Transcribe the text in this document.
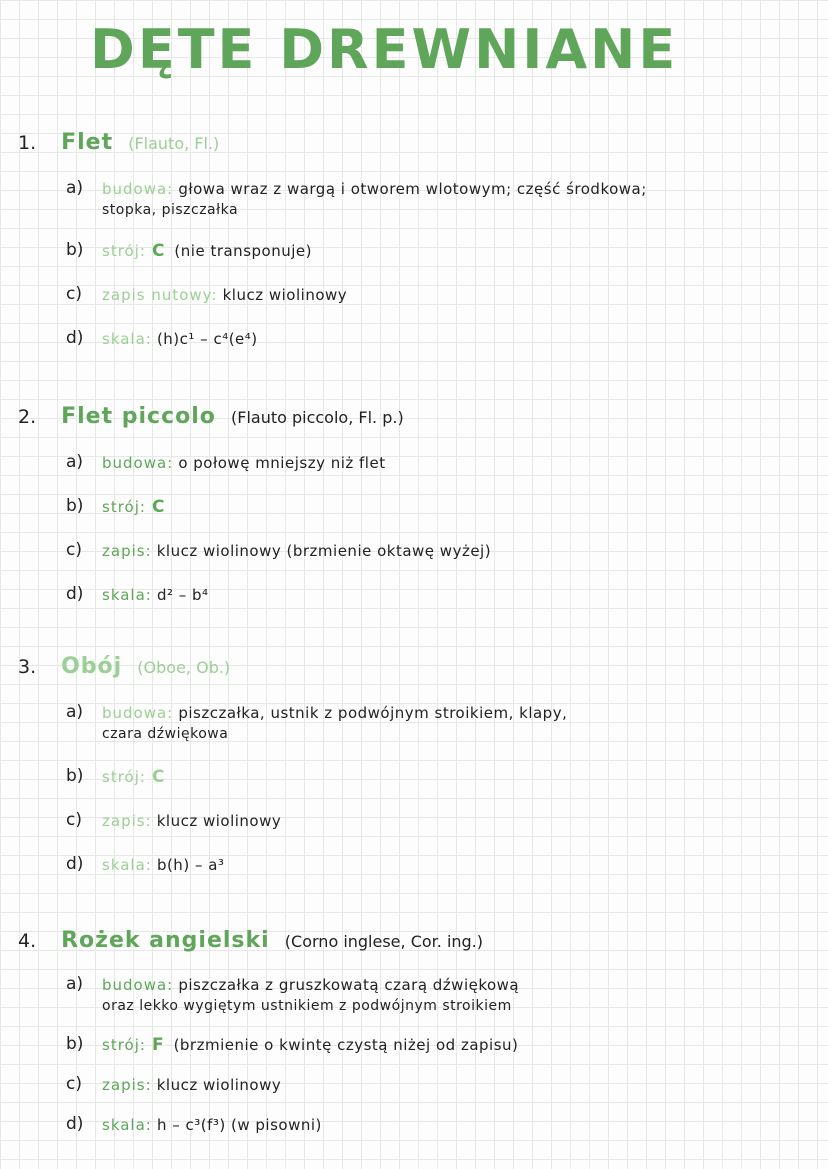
DĘTE DREWNIANE
1. Flet (Flauto, Fl.)
a) budowa: głowa wraz z wargą i otworem wlotowym; część środkowa;
stopka, piszczałka
b) strój: C (nie transponuje)
c) zapis nutowy: klucz wiolinowy
d) skala: (h)c¹ – c⁴(e⁴)
2. Flet piccolo (Flauto piccolo, Fl. p.)
a) budowa: o połowę mniejszy niż flet
b) strój: C
c) zapis: klucz wiolinowy (brzmienie oktawę wyżej)
d) skala: d² – b⁴
3. Obój (Oboe, Ob.)
a) budowa: piszczałka, ustnik z podwójnym stroikiem, klapy,
czara dźwiękowa
b) strój: C
c) zapis: klucz wiolinowy
d) skala: b(h) – a³
4. Rożek angielski (Corno inglese, Cor. ing.)
a) budowa: piszczałka z gruszkowatą czarą dźwiękową
oraz lekko wygiętym ustnikiem z podwójnym stroikiem
b) strój: F (brzmienie o kwintę czystą niżej od zapisu)
c) zapis: klucz wiolinowy
d) skala: h – c³(f³) (w pisowni)
